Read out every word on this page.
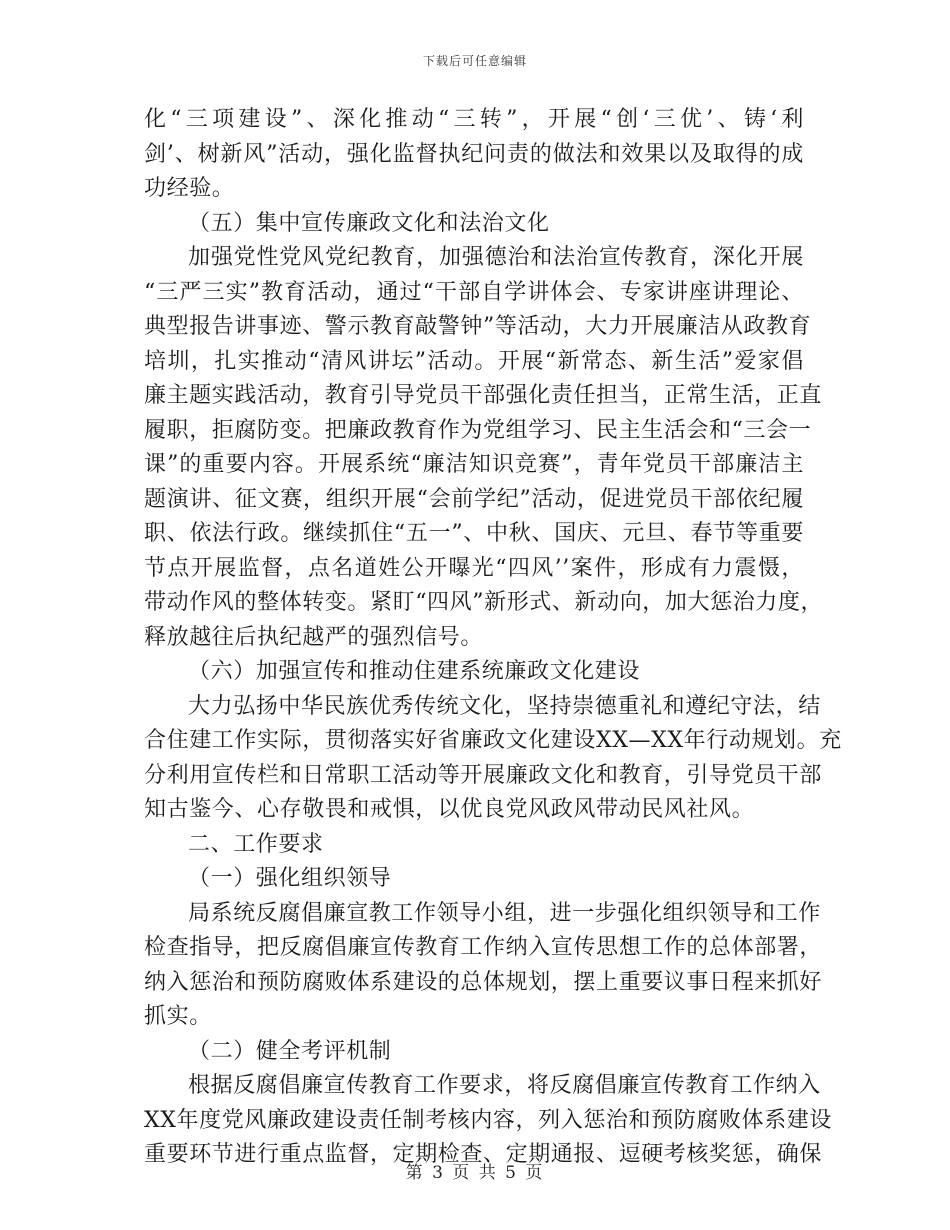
下载后可任意编辑
化“三项建设”、深化推动“三转”，开展“创‘三优’、铸‘利
剑’、树新风”活动，强化监督执纪问责的做法和效果以及取得的成
功经验。
（五）集中宣传廉政文化和法治文化
加强党性党风党纪教育，加强德治和法治宣传教育，深化开展
“三严三实”教育活动，通过“干部自学讲体会、专家讲座讲理论、
典型报告讲事迹、警示教育敲警钟”等活动，大力开展廉洁从政教育
培圳，扎实推动“清风讲坛”活动。开展“新常态、新生活”爱家倡
廉主题实践活动，教育引导党员干部强化责任担当，正常生活，正直
履职，拒腐防变。把廉政教育作为党组学习、民主生活会和“三会一
课”的重要内容。开展系统“廉洁知识竞赛”，青年党员干部廉洁主
题演讲、征文赛，组织开展“会前学纪”活动，促进党员干部依纪履
职、依法行政。继续抓住“五一”、中秋、国庆、元旦、春节等重要
节点开展监督，点名道姓公开曝光“四风’’案件，形成有力震慑，
带动作风的整体转变。紧盯“四风”新形式、新动向，加大惩治力度，
释放越往后执纪越严的强烈信号。
（六）加强宣传和推动住建系统廉政文化建设
大力弘扬中华民族优秀传统文化，坚持崇德重礼和遵纪守法，结
合住建工作实际，贯彻落实好省廉政文化建设XX—XX年行动规划。充
分利用宣传栏和日常职工活动等开展廉政文化和教育，引导党员干部
知古鉴今、心存敬畏和戒惧，以优良党风政风带动民风社风。
二、工作要求
（一）强化组织领导
局系统反腐倡廉宣教工作领导小组，进一步强化组织领导和工作
检查指导，把反腐倡廉宣传教育工作纳入宣传思想工作的总体部署，
纳入惩治和预防腐败体系建设的总体规划，摆上重要议事日程来抓好
抓实。
（二）健全考评机制
根据反腐倡廉宣传教育工作要求，将反腐倡廉宣传教育工作纳入
XX年度党风廉政建设责任制考核内容，列入惩治和预防腐败体系建设
重要环节进行重点监督，定期检查、定期通报、逗硬考核奖惩，确保
第 3 页 共 5 页
